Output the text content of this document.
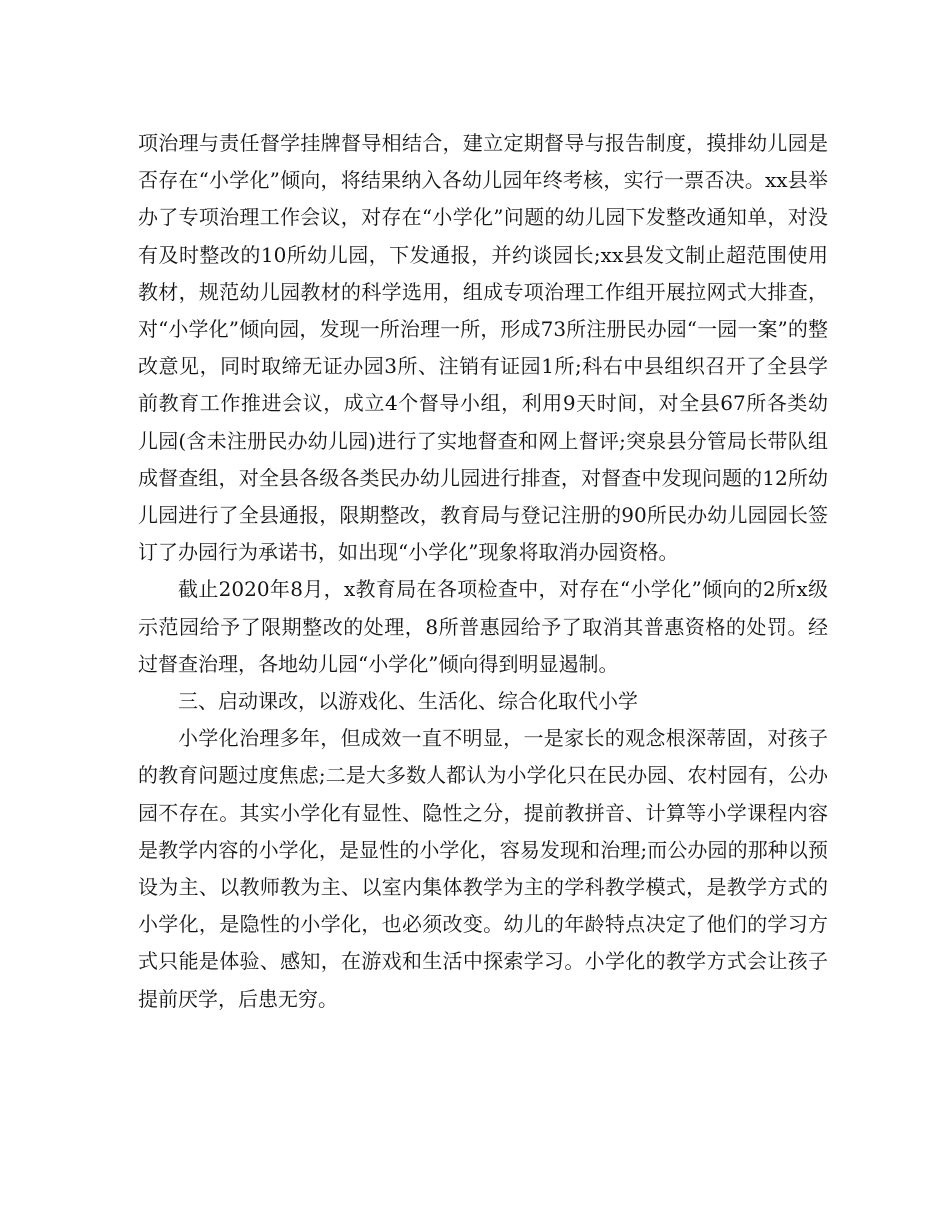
项治理与责任督学挂牌督导相结合，建立定期督导与报告制度，摸排幼儿园是否存在“小学化”倾向，将结果纳入各幼儿园年终考核，实行一票否决。xx县举办了专项治理工作会议，对存在“小学化”问题的幼儿园下发整改通知单，对没有及时整改的10所幼儿园，下发通报，并约谈园长;xx县发文制止超范围使用教材，规范幼儿园教材的科学选用，组成专项治理工作组开展拉网式大排查，对“小学化”倾向园，发现一所治理一所，形成73所注册民办园“一园一案”的整改意见，同时取缔无证办园3所、注销有证园1所;科右中县组织召开了全县学前教育工作推进会议，成立4个督导小组，利用9天时间，对全县67所各类幼儿园(含未注册民办幼儿园)进行了实地督查和网上督评;突泉县分管局长带队组成督查组，对全县各级各类民办幼儿园进行排查，对督查中发现问题的12所幼儿园进行了全县通报，限期整改，教育局与登记注册的90所民办幼儿园园长签订了办园行为承诺书，如出现“小学化”现象将取消办园资格。

截止2020年8月，x教育局在各项检查中，对存在“小学化”倾向的2所x级示范园给予了限期整改的处理，8所普惠园给予了取消其普惠资格的处罚。经过督查治理，各地幼儿园“小学化”倾向得到明显遏制。

三、启动课改，以游戏化、生活化、综合化取代小学

小学化治理多年，但成效一直不明显，一是家长的观念根深蒂固，对孩子的教育问题过度焦虑;二是大多数人都认为小学化只在民办园、农村园有，公办园不存在。其实小学化有显性、隐性之分，提前教拼音、计算等小学课程内容是教学内容的小学化，是显性的小学化，容易发现和治理;而公办园的那种以预设为主、以教师教为主、以室内集体教学为主的学科教学模式，是教学方式的小学化，是隐性的小学化，也必须改变。幼儿的年龄特点决定了他们的学习方式只能是体验、感知，在游戏和生活中探索学习。小学化的教学方式会让孩子提前厌学，后患无穷。
